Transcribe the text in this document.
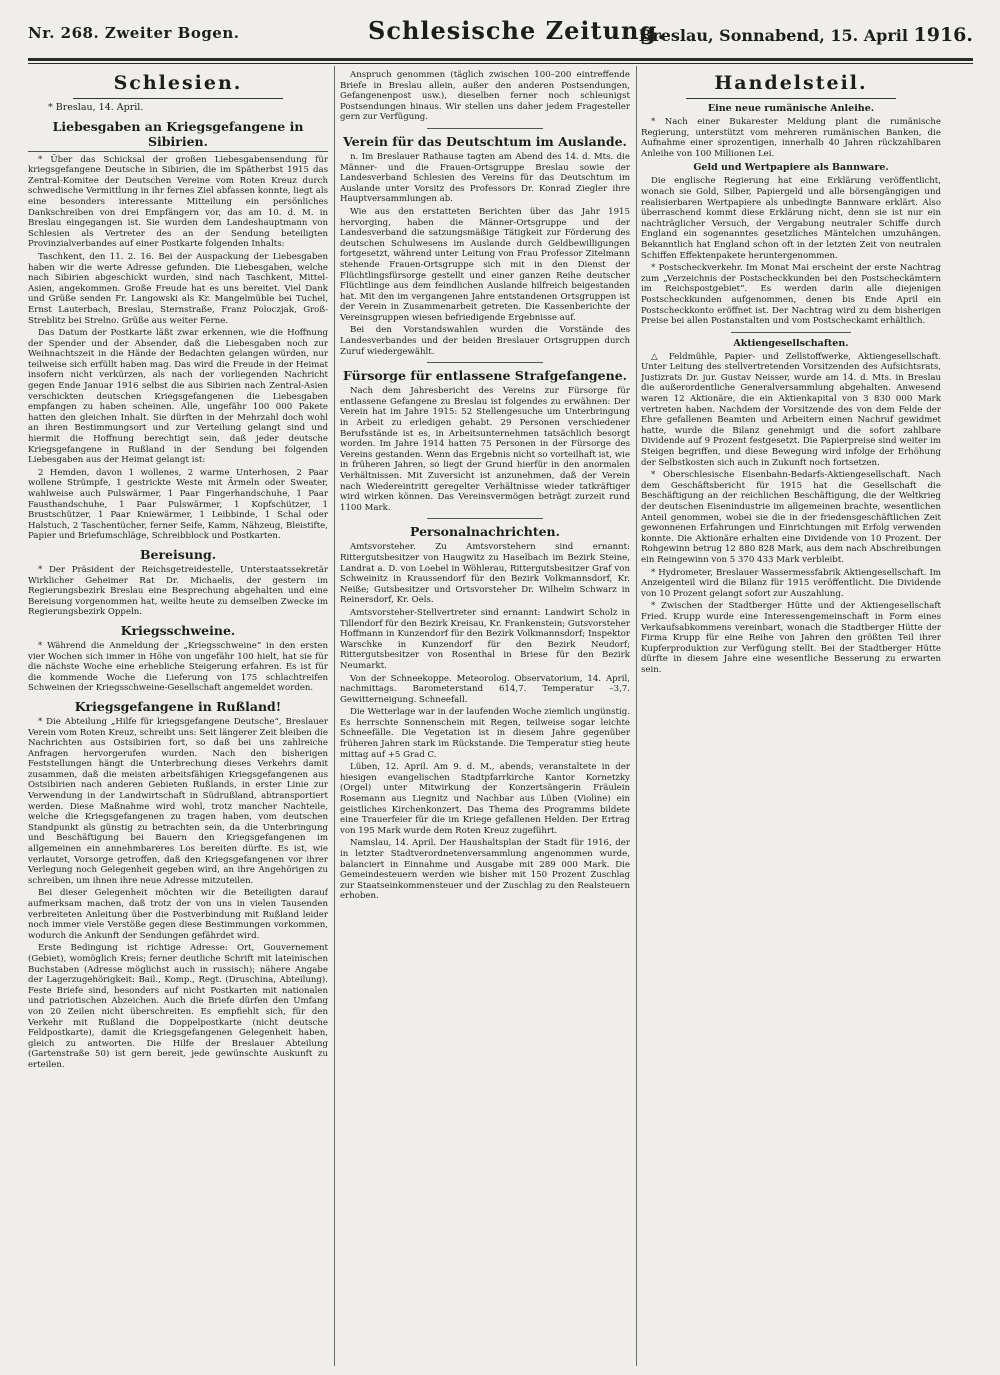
Nr. 268. Zweiter Bogen.	Schlesische Zeitung.
Breslau, Sonnabend, 15. April 1916.
Schlesien.
* Breslau, 14. April.
Liebesgaben an Kriegsgefangene in Sibirien.

* Über das Schicksal der großen Liebesgabensendung für kriegsgefangene Deutsche in Sibirien, die im Spätherbst 1915 das Zentral-Komitee der Deutschen Vereine vom Roten Kreuz durch schwedische Vermittlung in ihr fernes Ziel abfassen konnte, liegt als eine besonders interessante Mitteilung ein persönliches Dankschreiben von drei Empfängern vor, das am 10. d. M. in Breslau eingegangen ist. Sie wurden dem Landeshauptmann von Schlesien als Vertreter des an der Sendung beteiligten Provinzialverbandes auf einer Postkarte folgenden Inhalts:

Taschkent, den 11. 2. 16. Bei der Auspackung der Liebesgaben haben wir die werte Adresse gefunden. Die Liebesgaben, welche nach Sibirien abgeschickt wurden, sind nach Taschkent, Mittel-Asien, angekommen. Große Freude hat es uns bereitet. Viel Dank und Grüße senden Fr. Langowski als Kr. Mangelmüble bei Tuchel, Ernst Lauterbach, Breslau, Sternstraße, Franz Poloczjak, Groß-Streblitz bei Strelno. Grüße aus weiter Ferne.

Das Datum der Postkarte läßt zwar erkennen, wie die Hoffnung der Spender und der Absender, daß die Liebesgaben noch zur Weihnachtszeit in die Hände der Bedachten gelangen würden, nur teilweise sich erfüllt haben mag. Das wird die Freude in der Heimat insofern nicht verkürzen, als nach der vorliegenden Nachricht gegen Ende Januar 1916 selbst die aus Sibirien nach Zentral-Asien verschickten deutschen Kriegsgefangenen die Liebesgaben empfangen zu haben scheinen. Alle, ungefähr 100 000 Pakete hatten den gleichen Inhalt. Sie dürften in der Mehrzahl doch wohl an ihren Bestimmungsort und zur Verteilung gelangt sind und hiermit die Hoffnung berechtigt sein, daß jeder deutsche Kriegsgefangene in Rußland in der Sendung bei folgenden Liebesgaben aus der Heimat gelangt ist:

2 Hemden, davon 1 wollenes, 2 warme Unterhosen, 2 Paar wollene Strümpfe, 1 gestrickte Weste mit Ärmeln oder Sweater, wahlweise auch Pulswärmer, 1 Paar Fingerhandschuhe, 1 Paar Fausthandschuhe, 1 Paar Pulswärmer, 1 Kopfschützer, 1 Brustschützer, 1 Paar Kniewärmer, 1 Leibbinde, 1 Schal oder Halstuch, 2 Taschentücher, ferner Seife, Kamm, Nähzeug, Bleistifte, Papier und Briefumschläge, Schreibblock und Postkarten.

Bereisung.

* Der Präsident der Reichsgetreidestelle, Unterstaatssekretär Wirklicher Geheimer Rat Dr. Michaelis, der gestern im Regierungsbezirk Breslau eine Besprechung abgehalten und eine Bereisung vorgenommen hat, weilte heute zu demselben Zwecke im Regierungsbezirk Oppeln.

Kriegsschweine.

* Während die Anmeldung der „Kriegsschweine“ in den ersten vier Wochen sich immer in Höhe von ungefähr 100 hielt, hat sie für die nächste Woche eine erhebliche Steigerung erfahren. Es ist für die kommende Woche die Lieferung von 175 schlachtreifen Schweinen der Kriegsschweine-Gesellschaft angemeldet worden.

Kriegsgefangene in Rußland!

* Die Abteilung „Hilfe für kriegsgefangene Deutsche“, Breslauer Verein vom Roten Kreuz, schreibt uns: Seit längerer Zeit bleiben die Nachrichten aus Ostsibirien fort, so daß bei uns zahlreiche Anfragen hervorgerufen wurden. Nach den bisherigen Feststellungen hängt die Unterbrechung dieses Verkehrs damit zusammen, daß die meisten arbeitsfähigen Kriegsgefangenen aus Ostsibirien nach anderen Gebieten Rußlands, in erster Linie zur Verwendung in der Landwirtschaft in Südrußland, abtransportiert werden. Diese Maßnahme wird wohl, trotz mancher Nachteile, welche die Kriegsgefangenen zu tragen haben, vom deutschen Standpunkt als günstig zu betrachten sein, da die Unterbringung und Beschäftigung bei Bauern den Kriegsgefangenen im allgemeinen ein annehmbareres Los bereiten dürfte. Es ist, wie verlautet, Vorsorge getroffen, daß den Kriegsgefangenen vor ihrer Verlegung noch Gelegenheit gegeben wird, an ihre Angehörigen zu schreiben, um ihnen ihre neue Adresse mitzuteilen.

Bei dieser Gelegenheit möchten wir die Beteiligten darauf aufmerksam machen, daß trotz der von uns in vielen Tausenden verbreiteten Anleitung über die Postverbindung mit Rußland leider noch immer viele Verstöße gegen diese Bestimmungen vorkommen, wodurch die Ankunft der Sendungen gefährdet wird.

Erste Bedingung ist richtige Adresse: Ort, Gouvernement (Gebiet), womöglich Kreis; ferner deutliche Schrift mit lateinischen Buchstaben (Adresse möglichst auch in russisch); nähere Angabe der Lagerzugehörigkeit: Bail., Komp., Regt. (Druschina, Abteilung). Feste Briefe sind, besonders auf nicht Postkarten mit nationalen und patriotischen Abzeichen. Auch die Briefe dürfen den Umfang von 20 Zeilen nicht überschreiten. Es empfiehlt sich, für den Verkehr mit Rußland die Doppelpostkarte (nicht deutsche Feldpostkarte), damit die Kriegsgefangenen Gelegenheit haben, gleich zu antworten. Die Hilfe der Breslauer Abteilung (Gartenstraße 50) ist gern bereit, jede gewünschte Auskunft zu erteilen.

Anspruch genommen (täglich zwischen 100–200 eintreffende Briefe in Breslau allein, außer den anderen Postsendungen, Gefangenenpost usw.), dieselben ferner noch schleunigst Postsendungen hinaus. Wir stellen uns daher jedem Fragesteller gern zur Verfügung.

Verein für das Deutschtum im Auslande.

n. Im Breslauer Rathause tagten am Abend des 14. d. Mts. die Männer- und die Frauen-Ortsgruppe Breslau sowie der Landesverband Schlesien des Vereins für das Deutschtum im Auslande unter Vorsitz des Professors Dr. Konrad Ziegler ihre Hauptversammlungen ab.

Wie aus den erstatteten Berichten über das Jahr 1915 hervorging, haben die Männer-Ortsgruppe und der Landesverband die satzungsmäßige Tätigkeit zur Förderung des deutschen Schulwesens im Auslande durch Geldbewilligungen fortgesetzt, während unter Leitung von Frau Professor Zitelmann stehende Frauen-Ortsgruppe sich mit in den Dienst der Flüchtlingsfürsorge gestellt und einer ganzen Reihe deutscher Flüchtlinge aus dem feindlichen Auslande hilfreich beigestanden hat. Mit den im vergangenen Jahre entstandenen Ortsgruppen ist der Verein in Zusammenarbeit getreten. Die Kassenberichte der Vereinsgruppen wiesen befriedigende Ergebnisse auf.

Bei den Vorstandswahlen wurden die Vorstände des Landesverbandes und der beiden Breslauer Ortsgruppen durch Zuruf wiedergewählt.

Fürsorge für entlassene Strafgefangene.

Nach dem Jahresbericht des Vereins zur Fürsorge für entlassene Gefangene zu Breslau ist folgendes zu erwähnen: Der Verein hat im Jahre 1915: 52 Stellengesuche um Unterbringung in Arbeit zu erledigen gehabt. 29 Personen verschiedener Berufsstände ist es, in Arbeitsunternehmen tatsächlich besorgt worden. Im Jahre 1914 hatten 75 Personen in der Fürsorge des Vereins gestanden. Wenn das Ergebnis nicht so vorteilhaft ist, wie in früheren Jahren, so liegt der Grund hierfür in den anormalen Verhältnissen. Mit Zuversicht ist anzunehmen, daß der Verein nach Wiedereintritt geregelter Verhältnisse wieder tatkräftiger wird wirken können. Das Vereinsvermögen beträgt zurzeit rund 1100 Mark.

Personalnachrichten.

Amtsvorsteher. Zu Amtsvorstehern sind ernannt: Rittergutsbesitzer von Haugwitz zu Haselbach im Bezirk Steine, Landrat a. D. von Loebel in Wöhlerau, Rittergutsbesitzer Graf von Schweinitz in Kraussendorf für den Bezirk Volkmannsdorf, Kr. Neiße; Gutsbesitzer und Ortsvorsteher Dr. Wilhelm Schwarz in Reinersdorf, Kr. Oels.

Amtsvorsteher-Stellvertreter sind ernannt: Landwirt Scholz in Tillendorf für den Bezirk Kreisau, Kr. Frankenstein; Gutsvorsteher Hoffmann in Kunzendorf für den Bezirk Volkmannsdorf; Inspektor Warschke in Kunzendorf für den Bezirk Neudorf; Rittergutsbesitzer von Rosenthal in Briese für den Bezirk Neumarkt.

Von der Schneekoppe. Meteorolog. Observatorium, 14. April, nachmittags. Barometerstand 614,7. Temperatur –3,7. Gewitterneigung. Schneefall.

Die Wetterlage war in der laufenden Woche ziemlich ungünstig. Es herrschte Sonnenschein mit Regen, teilweise sogar leichte Schneefälle. Die Vegetation ist in diesem Jahre gegenüber früheren Jahren stark im Rückstande. Die Temperatur stieg heute mittag auf +5 Grad C.

Lüben, 12. April. Am 9. d. M., abends, veranstaltete in der hiesigen evangelischen Stadtpfarrkirche Kantor Kornetzky (Orgel) unter Mitwirkung der Konzertsängerin Fräulein Rosemann aus Liegnitz und Nachbar aus Lüben (Violine) ein geistliches Kirchenkonzert. Das Thema des Programms bildete eine Trauerfeier für die im Kriege gefallenen Helden. Der Ertrag von 195 Mark wurde dem Roten Kreuz zugeführt.

Namslau, 14. April. Der Haushaltsplan der Stadt für 1916, der in letzter Stadtverordnetenversammlung angenommen wurde, balanciert in Einnahme und Ausgabe mit 289 000 Mark. Die Gemeindesteuern werden wie bisher mit 150 Prozent Zuschlag zur Staatseinkommensteuer und der Zuschlag zu den Realsteuern erhoben.

Handelsteil.
Eine neue rumänische Anleihe.

* Nach einer Bukarester Meldung plant die rumänische Regierung, unterstützt vom mehreren rumänischen Banken, die Aufnahme einer sprozentigen, innerhalb 40 Jahren rückzahlbaren Anleihe von 100 Millionen Lei.

Geld und Wertpapiere als Bannware.

Die englische Regierung hat eine Erklärung veröffentlicht, wonach sie Gold, Silber, Papiergeld und alle börsengängigen und realisierbaren Wertpapiere als unbedingte Bannware erklärt. Also überraschend kommt diese Erklärung nicht, denn sie ist nur ein nachträglicher Versuch, der Vergabung neutraler Schiffe durch England ein sogenanntes gesetzliches Mäntelchen umzuhängen. Bekanntlich hat England schon oft in der letzten Zeit von neutralen Schiffen Effektenpakete heruntergenommen.

* Postscheckverkehr. Im Monat Mai erscheint der erste Nachtrag zum „Verzeichnis der Postscheckkunden bei den Postscheckämtern im Reichspostgebiet“. Es werden darin alle diejenigen Postscheckkunden aufgenommen, denen bis Ende April ein Postscheckkonto eröffnet ist. Der Nachtrag wird zu dem bisherigen Preise bei allen Postanstalten und vom Postscheckamt erhältlich.

Aktiengesellschaften.

△ Feldmühle, Papier- und Zellstoffwerke, Aktiengesellschaft. Unter Leitung des stellvertretenden Vorsitzenden des Aufsichtsrats, Justizrats Dr. jur. Gustav Neisser, wurde am 14. d. Mts. in Breslau die außerordentliche Generalversammlung abgehalten. Anwesend waren 12 Aktionäre, die ein Aktienkapital von 3 830 000 Mark vertreten haben. Nachdem der Vorsitzende des von dem Felde der Ehre gefallenen Beamten und Arbeitern einen Nachruf gewidmet hatte, wurde die Bilanz genehmigt und die sofort zahlbare Dividende auf 9 Prozent festgesetzt. Die Papierpreise sind weiter im Steigen begriffen, und diese Bewegung wird infolge der Erhöhung der Selbstkosten sich auch in Zukunft noch fortsetzen.

* Oberschlesische Eisenbahn-Bedarfs-Aktiengesellschaft. Nach dem Geschäftsbericht für 1915 hat die Gesellschaft die Beschäftigung an der reichlichen Beschäftigung, die der Weltkrieg der deutschen Eisenindustrie im allgemeinen brachte, wesentlichen Anteil genommen, wobei sie die in der friedensgeschäftlichen Zeit gewonnenen Erfahrungen und Einrichtungen mit Erfolg verwenden konnte. Die Aktionäre erhalten eine Dividende von 10 Prozent. Der Rohgewinn betrug 12 880 828 Mark, aus dem nach Abschreibungen ein Reingewinn von 5 370 433 Mark verbleibt.

* Hydrometer, Breslauer Wassermessfabrik Aktiengesellschaft. Im Anzeigenteil wird die Bilanz für 1915 veröffentlicht. Die Dividende von 10 Prozent gelangt sofort zur Auszahlung.

* Zwischen der Stadtberger Hütte und der Aktiengesellschaft Fried. Krupp wurde eine Interessengemeinschaft in Form eines Verkaufsabkommens vereinbart, wonach die Stadtberger Hütte der Firma Krupp für eine Reihe von Jahren den größten Teil ihrer Kupferproduktion zur Verfügung stellt. Bei der Stadtberger Hütte dürfte in diesem Jahre eine wesentliche Besserung zu erwarten sein.
